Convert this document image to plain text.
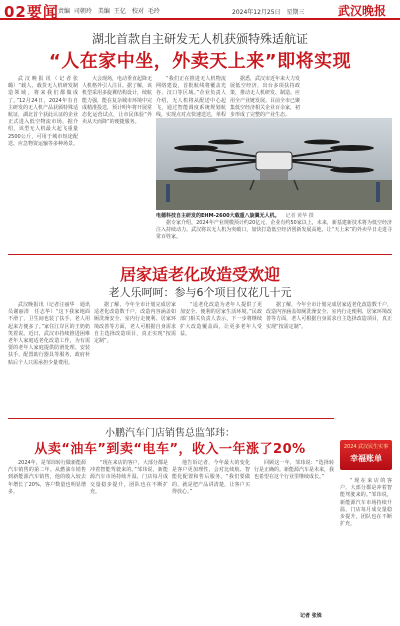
02要闻 责编 司朝玲　美编 王亿　校对 毛玲	2024年12月25日　星期三	武汉晚报
湖北首款自主研发无人机获颁特殊适航证
“人在家中坐，外卖天上来”即将实现

武汉晚报讯（记者张璐）“载人、载货无人机研发制造领域，将来我们都做成了。”12月24日，2024年有自主研发的无人机产品获颁特殊适航证，湖北首个获此认证的企业正式进入低空物流市场。据介绍，该型无人机最大起飞重量2500公斤，可用于城市短途配送、应急物资运输等多种场景。

大会现场，电动垂直起降无人机格外引人注目。据了解，该机型采用多旋翼结构设计，续航能力强，能在复杂城市环境中完成精准投送，预计明年将开展常态化运营试点，让市民体验“外卖从天而降”的便捷服务。

“我们正在推进无人机物流网络建设，首批航线将覆盖光谷、汉口等区域。”企业负责人介绍，无人机将从配送中心起飞，通过智能调度系统规划航线，实现点对点快速送达，单程

据悉，武汉市近年来大力发展低空经济，出台多项扶持政策，推动无人机研发、制造、应用全产业链发展。目前全市已聚集低空经济相关企业百余家，初步形成了完整的产业生态。

电德科技自主研发的EHM-2600大载重八旋翼无人机。 记者 黄华 摄

据专家介绍，2024年产业规模预计约20亿元，企业有约50家以上，未来，新基建新技术将为低空经济注入持续动力。武汉将以无人机为突破口，加快打造低空经济创新发展高地，让“天上来”的外卖早日走进寻常百姓家。

居家适老化改造受欢迎
老人乐呵呵：参与6个项目仅花几十元

武汉晚报讯（记者汪丽华　通讯员谢丽清　任志华）“这下我家地面不滑了，卫生间也装了扶手，老人用起来方便多了。”家住江岸区的王奶奶笑着说。近日，武汉市持续推进困难老年人家庭适老化改造工作，为有需要的老年人家庭提供防滑处理、安装扶手、配置助行器具等服务，政府补贴后个人只需承担少量费用。

据了解，今年全市计划完成居家适老化改造数千户，改造内容涵盖如厕洗澡安全、室内行走便利、居家环境改善等方面，老人可根据自身需求自主选择改造项目，真正实现“按需定制”。

“适老化改造为老年人提供了更加安全、便利的居家生活环境。”民政部门相关负责人表示，下一步将继续扩大改造覆盖面，让更多老年人受益。

据了解，今年全市计划完成居家适老化改造数千户，改造内容涵盖如厕洗澡安全、室内行走便利、居家环境改善等方面，老人可根据自身需求自主选择改造项目，真正实现“按需定制”。

2024 武汉民生实事
幸福账单
小鹏汽车门店销售总监邹玮：
从卖“油车”到卖“电车”，收入一年涨了20%

2024年，是邹玮转行做新能源汽车销售的第二年。从燃油车销售到新能源汽车销售，他的收入较去年增长了20%，客户数量也明显增多。

“现在来店的客户，大部分都是冲着智能驾驶来的。”邹玮说，新能源汽车市场持续升温，门店每月成交量稳步提升，团队也在不断扩充。

他告诉记者，今年最大的变化是客户更加理性，会对比续航、智能化配置和售后服务。“我们要做的，就是把产品讲清楚，让客户买得放心。”

回顾这一年，邹玮说：“选择转行是正确的。新能源汽车是未来，我也希望在这个行业里继续成长。”

“现在来店的客户，大部分都是冲着智能驾驶来的。”邹玮说，新能源汽车市场持续升温，门店每月成交量稳步提升，团队也在不断扩充。

记者 张姝
